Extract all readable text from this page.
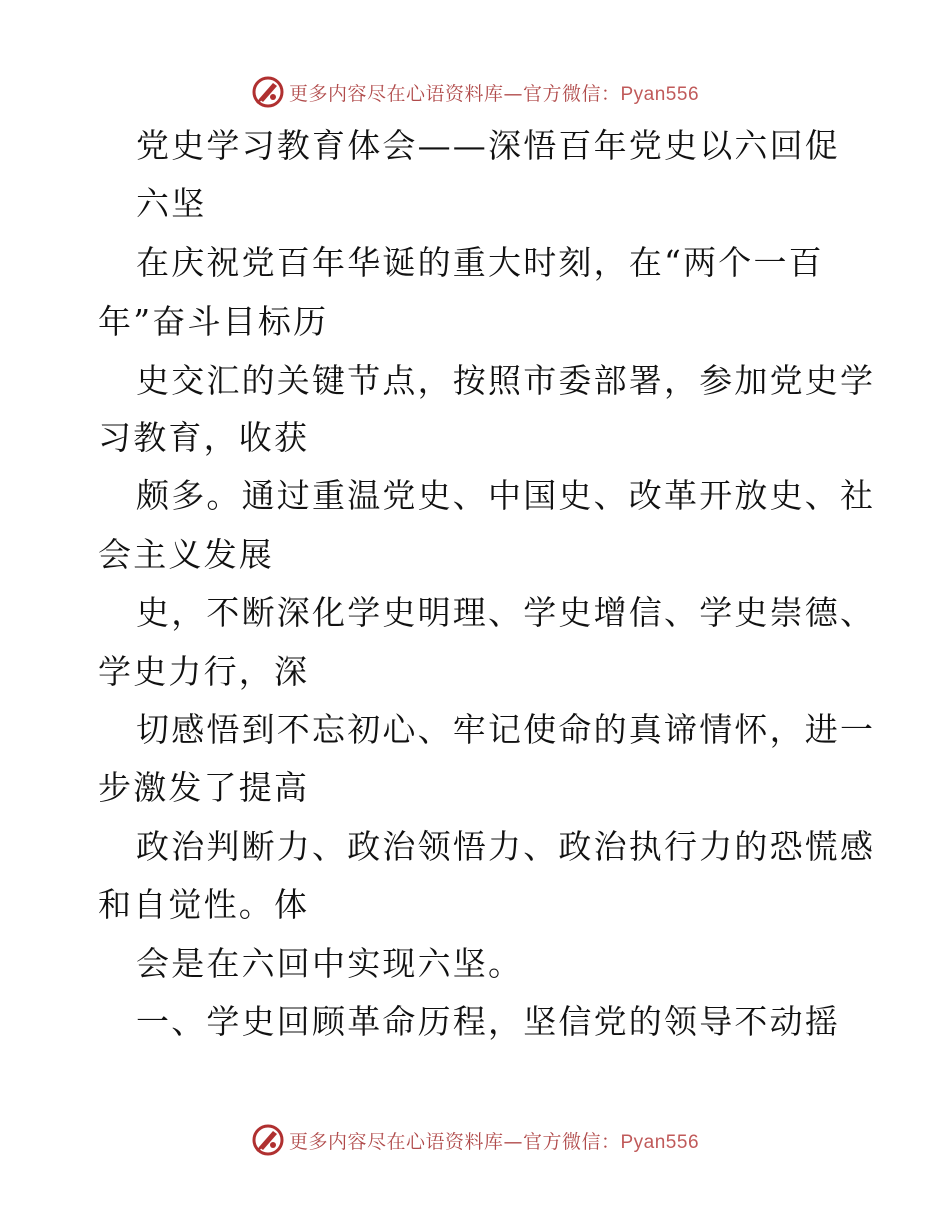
更多内容尽在心语资料库—官方微信：Pyan556
党史学习教育体会——深悟百年党史以六回促
六坚
在庆祝党百年华诞的重大时刻，在“两个一百
年”奋斗目标历
史交汇的关键节点，按照市委部署，参加党史学
习教育，收获
颇多。通过重温党史、中国史、改革开放史、社
会主义发展
史，不断深化学史明理、学史增信、学史崇德、
学史力行，深
切感悟到不忘初心、牢记使命的真谛情怀，进一
步激发了提高
政治判断力、政治领悟力、政治执行力的恐慌感
和自觉性。体
会是在六回中实现六坚。
一、学史回顾革命历程，坚信党的领导不动摇
更多内容尽在心语资料库—官方微信：Pyan556
